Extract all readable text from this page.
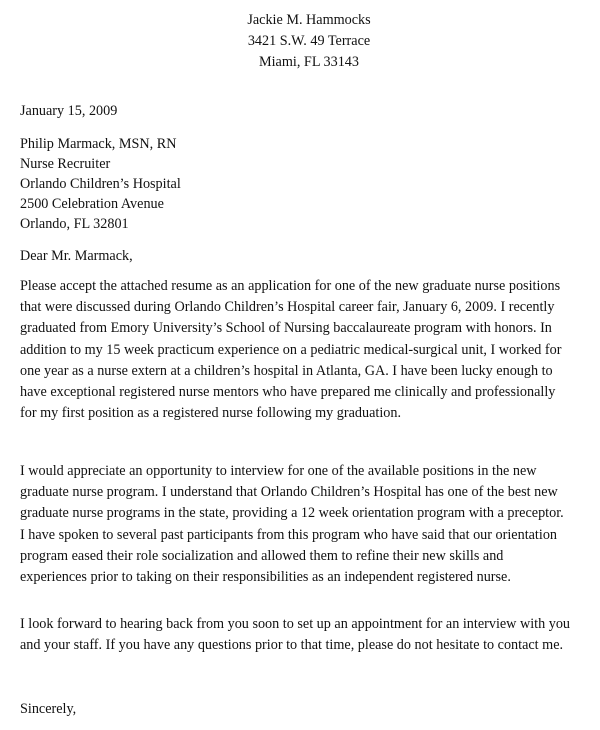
Jackie M. Hammocks
3421 S.W. 49 Terrace
Miami, FL 33143
January 15, 2009
Philip Marmack, MSN, RN
Nurse Recruiter
Orlando Children’s Hospital
2500 Celebration Avenue
Orlando, FL 32801
Dear Mr. Marmack,
Please accept the attached resume as an application for one of the new graduate nurse positions
that were discussed during Orlando Children’s Hospital career fair, January 6, 2009. I recently
graduated from Emory University’s School of Nursing baccalaureate program with honors. In
addition to my 15 week practicum experience on a pediatric medical-surgical unit, I worked for
one year as a nurse extern at a children’s hospital in Atlanta, GA. I have been lucky enough to
have exceptional registered nurse mentors who have prepared me clinically and professionally
for my first position as a registered nurse following my graduation.
I would appreciate an opportunity to interview for one of the available positions in the new
graduate nurse program. I understand that Orlando Children’s Hospital has one of the best new
graduate nurse programs in the state, providing a 12 week orientation program with a preceptor.
I have spoken to several past participants from this program who have said that our orientation
program eased their role socialization and allowed them to refine their new skills and
experiences prior to taking on their responsibilities as an independent registered nurse.
I look forward to hearing back from you soon to set up an appointment for an interview with you
and your staff. If you have any questions prior to that time, please do not hesitate to contact me.
Sincerely,
